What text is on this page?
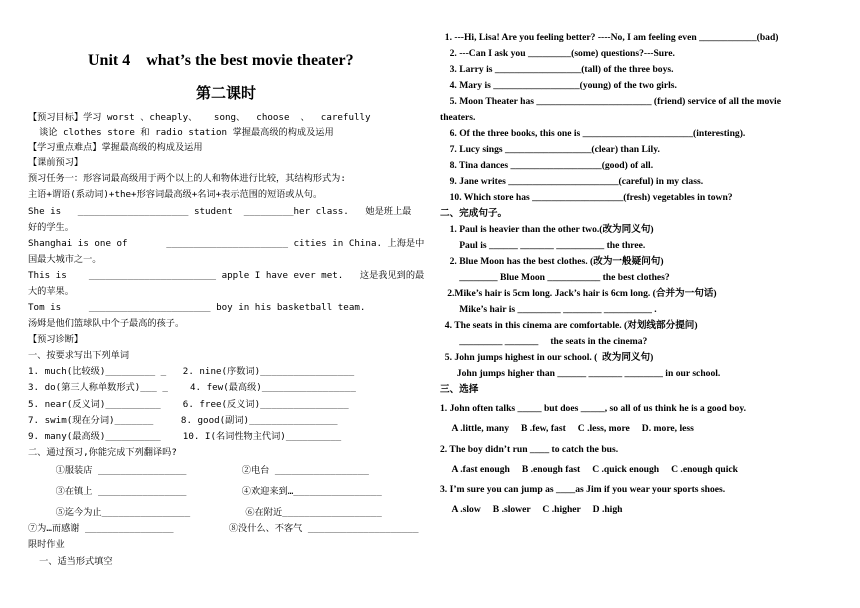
Unit 4    what’s the best movie theater?
第二课时
【预习目标】学习 worst 、cheaply、   song、  choose  、  carefully
谈论 clothes store 和 radio station 掌握最高级的构成及运用
【学习重点难点】掌握最高级的构成及运用
【课前预习】
预习任务一：形容词最高级用于两个以上的人和物体进行比较，其结构形式为:
主语+谓语(系动词)+the+形容词最高级+名词+表示范围的短语或从句。
She is   ____________________ student  _________her class.   她是班上最
好的学生。
Shanghai is one of       ______________________ cities in China. 上海是中
国最大城市之一。
This is    _______________________ apple I have ever met.   这是我见到的最
大的苹果。
Tom is     ______________________ boy in his basketball team.
汤姆是他们篮球队中个子最高的孩子。
【预习诊断】
一、按要求写出下列单词
1. much(比较级)_________ _   2. nine(序数词)_________________
3. do(第三人称单数形式)___ _    4. few(最高级)_________________
5. near(反义词)__________    6. free(反义词)________________
7. swim(现在分词)_______     8. good(副词)________________
9. many(最高级)__________    10. I(名词性物主代词)__________
二、通过预习,你能完成下列翻译吗?
①服装店 ________________          ②电台 _________________
③在镇上 ________________          ④欢迎来到…________________
⑤迄今为止________________          ⑥在附近__________________
⑦为…而感谢 ________________          ⑧没什么、不客气 ____________________
限时作业
一、适当形式填空
1. ---Hi, Lisa! Are you feeling better? ----No, I am feeling even ____________(bad)
2. ---Can I ask you _________(some) questions?---Sure.
3. Larry is __________________(tall) of the three boys.
4. Mary is __________________(young) of the two girls.
5. Moon Theater has ________________________ (friend) service of all the movie
theaters.
6. Of the three books, this one is _______________________(interesting).
7. Lucy sings __________________(clear) than Lily.
8. Tina dances ___________________(good) of all.
9. Jane writes _______________________(careful) in my class.
10. Which store has ___________________(fresh) vegetables in town?
二、完成句子。
1. Paul is heavier than the other two.(改为同义句)
Paul is ______ _______ __________ the three.
2. Blue Moon has the best clothes. (改为一般疑问句)
________ Blue Moon ___________ the best clothes?
2.Mike’s hair is 5cm long. Jack’s hair is 6cm long. (合并为一句话)
Mike’s hair is _________ ________ __________ .
4. The seats in this cinema are comfortable. (对划线部分提问)
_________ _______     the seats in the cinema?
5. John jumps highest in our school. (  改为同义句)
John jumps higher than ______ _______ ________ in our school.
三、选择
1. John often talks _____ but does _____, so all of us think he is a good boy.
A .little, many     B .few, fast     C .less, more     D. more, less
2. The boy didn’t run ____ to catch the bus.
A .fast enough     B .enough fast     C .quick enough     C .enough quick
3. I’m sure you can jump as ____as Jim if you wear your sports shoes.
A .slow     B .slower     C .higher     D .high
